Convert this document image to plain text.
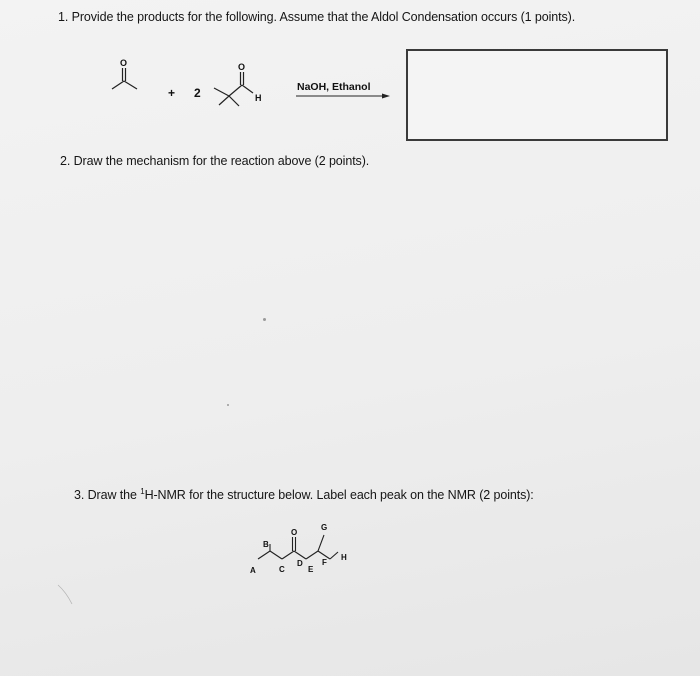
1. Provide the products for the following. Assume that the Aldol Condensation occurs (1 points).
2. Draw the mechanism for the reaction above (2 points).
3. Draw the $^1$H-NMR for the structure below. Label each peak on the NMR (2 points):
O
+ 2
O
H
NaOH, Ethanol
O
A
B
C
D
E
F
G
H
